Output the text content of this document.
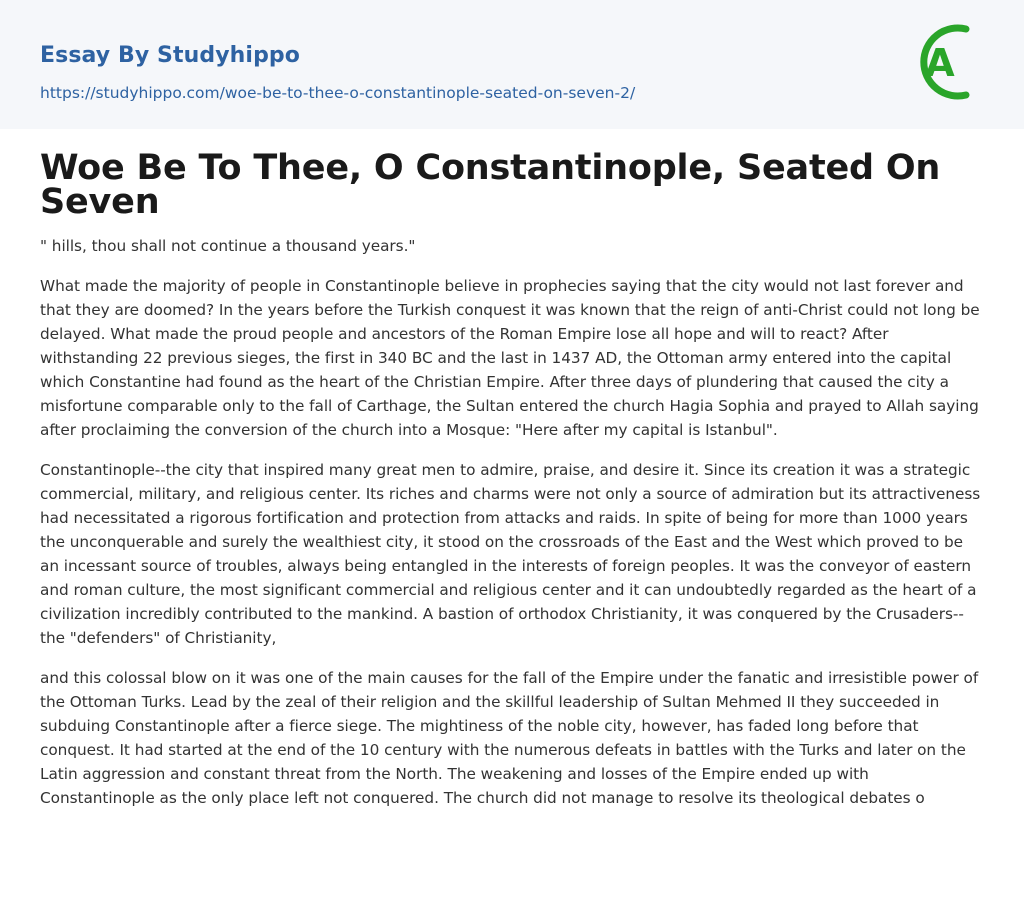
Essay By Studyhippo
https://studyhippo.com/woe-be-to-thee-o-constantinople-seated-on-seven-2/
A
Woe Be To Thee, O Constantinople, Seated On Seven

" hills, thou shall not continue a thousand years."

What made the majority of people in Constantinople believe in prophecies saying that the city would not last forever and that they are doomed? In the years before the Turkish conquest it was known that the reign of anti-Christ could not long be delayed. What made the proud people and ancestors of the Roman Empire lose all hope and will to react? After withstanding 22 previous sieges, the first in 340 BC and the last in 1437 AD, the Ottoman army entered into the capital which Constantine had found as the heart of the Christian Empire. After three days of plundering that caused the city a misfortune comparable only to the fall of Carthage, the Sultan entered the church Hagia Sophia and prayed to Allah saying after proclaiming the conversion of the church into a Mosque: "Here after my capital is Istanbul".

Constantinople--the city that inspired many great men to admire, praise, and desire it. Since its creation it was a strategic commercial, military, and religious center. Its riches and charms were not only a source of admiration but its attractiveness had necessitated a rigorous fortification and protection from attacks and raids. In spite of being for more than 1000 years the unconquerable and surely the wealthiest city, it stood on the crossroads of the East and the West which proved to be an incessant source of troubles, always being entangled in the interests of foreign peoples. It was the conveyor of eastern and roman culture, the most significant commercial and religious center and it can undoubtedly regarded as the heart of a civilization incredibly contributed to the mankind. A bastion of orthodox Christianity, it was conquered by the Crusaders--the "defenders" of Christianity,

and this colossal blow on it was one of the main causes for the fall of the Empire under the fanatic and irresistible power of the Ottoman Turks. Lead by the zeal of their religion and the skillful leadership of Sultan Mehmed II they succeeded in subduing Constantinople after a fierce siege. The mightiness of the noble city, however, has faded long before that conquest. It had started at the end of the 10 century with the numerous defeats in battles with the Turks and later on the Latin aggression and constant threat from the North. The weakening and losses of the Empire ended up with Constantinople as the only place left not conquered. The church did not manage to resolve its theological debates o
